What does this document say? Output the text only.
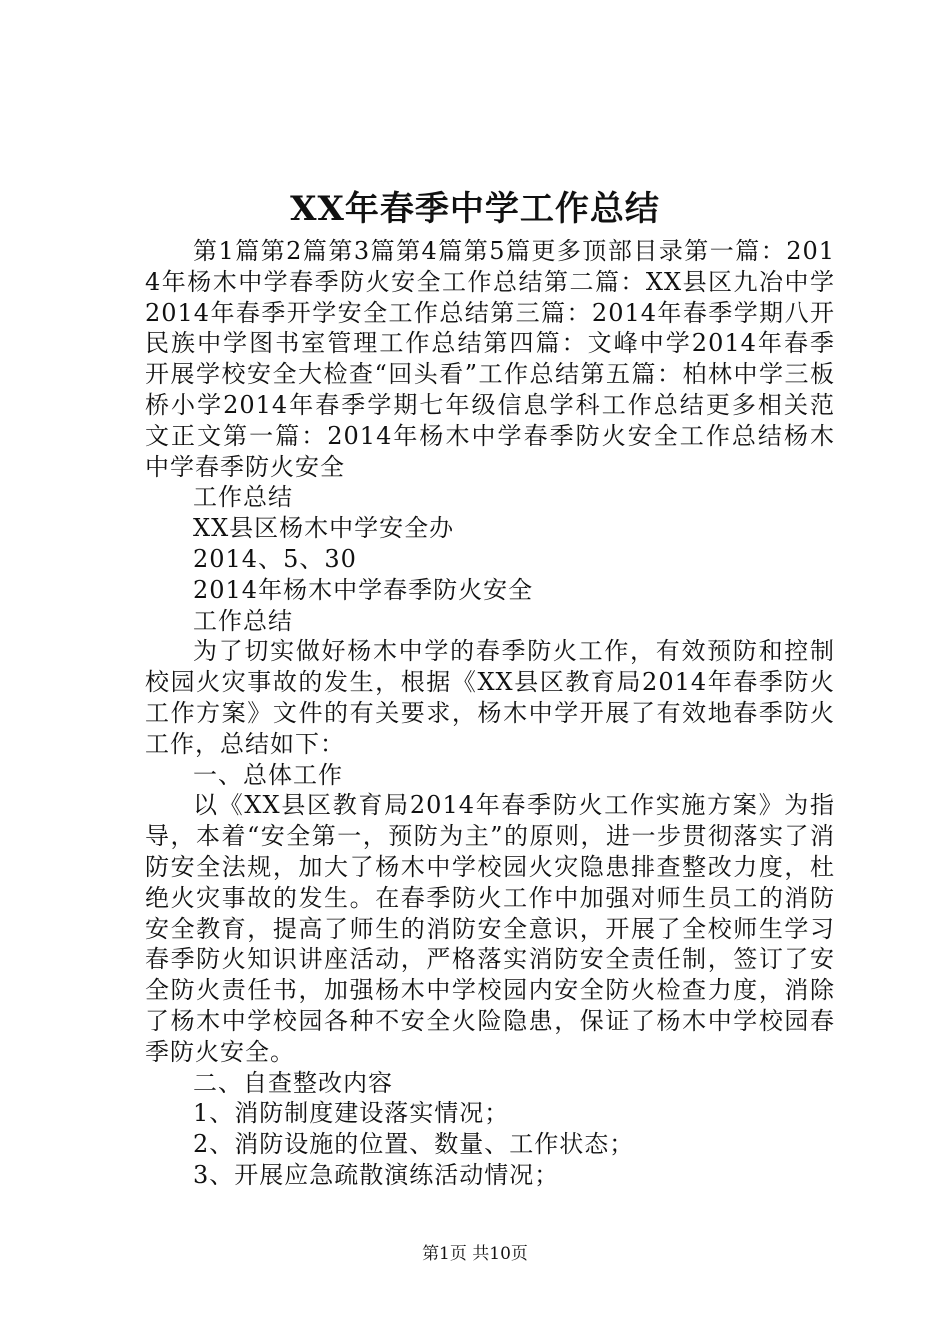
XX年春季中学工作总结

第1篇第2篇第3篇第4篇第5篇更多顶部目录第一篇：2014年杨木中学春季防火安全工作总结第二篇：XX县区九冶中学2014年春季开学安全工作总结第三篇：2014年春季学期八开民族中学图书室管理工作总结第四篇：文峰中学2014年春季开展学校安全大检查“回头看”工作总结第五篇：柏林中学三板桥小学2014年春季学期七年级信息学科工作总结更多相关范文正文第一篇：2014年杨木中学春季防火安全工作总结杨木中学春季防火安全

工作总结

XX县区杨木中学安全办

2014、5、30

2014年杨木中学春季防火安全

工作总结

为了切实做好杨木中学的春季防火工作，有效预防和控制校园火灾事故的发生，根据《XX县区教育局2014年春季防火工作方案》文件的有关要求，杨木中学开展了有效地春季防火工作，总结如下：

一、总体工作

以《XX县区教育局2014年春季防火工作实施方案》为指导，本着“安全第一，预防为主”的原则，进一步贯彻落实了消防安全法规，加大了杨木中学校园火灾隐患排查整改力度，杜绝火灾事故的发生。在春季防火工作中加强对师生员工的消防安全教育，提高了师生的消防安全意识，开展了全校师生学习春季防火知识讲座活动，严格落实消防安全责任制，签订了安全防火责任书，加强杨木中学校园内安全防火检查力度，消除了杨木中学校园各种不安全火险隐患，保证了杨木中学校园春季防火安全。

二、自查整改内容

1、消防制度建设落实情况；

2、消防设施的位置、数量、工作状态；

3、开展应急疏散演练活动情况；

第1页 共10页
